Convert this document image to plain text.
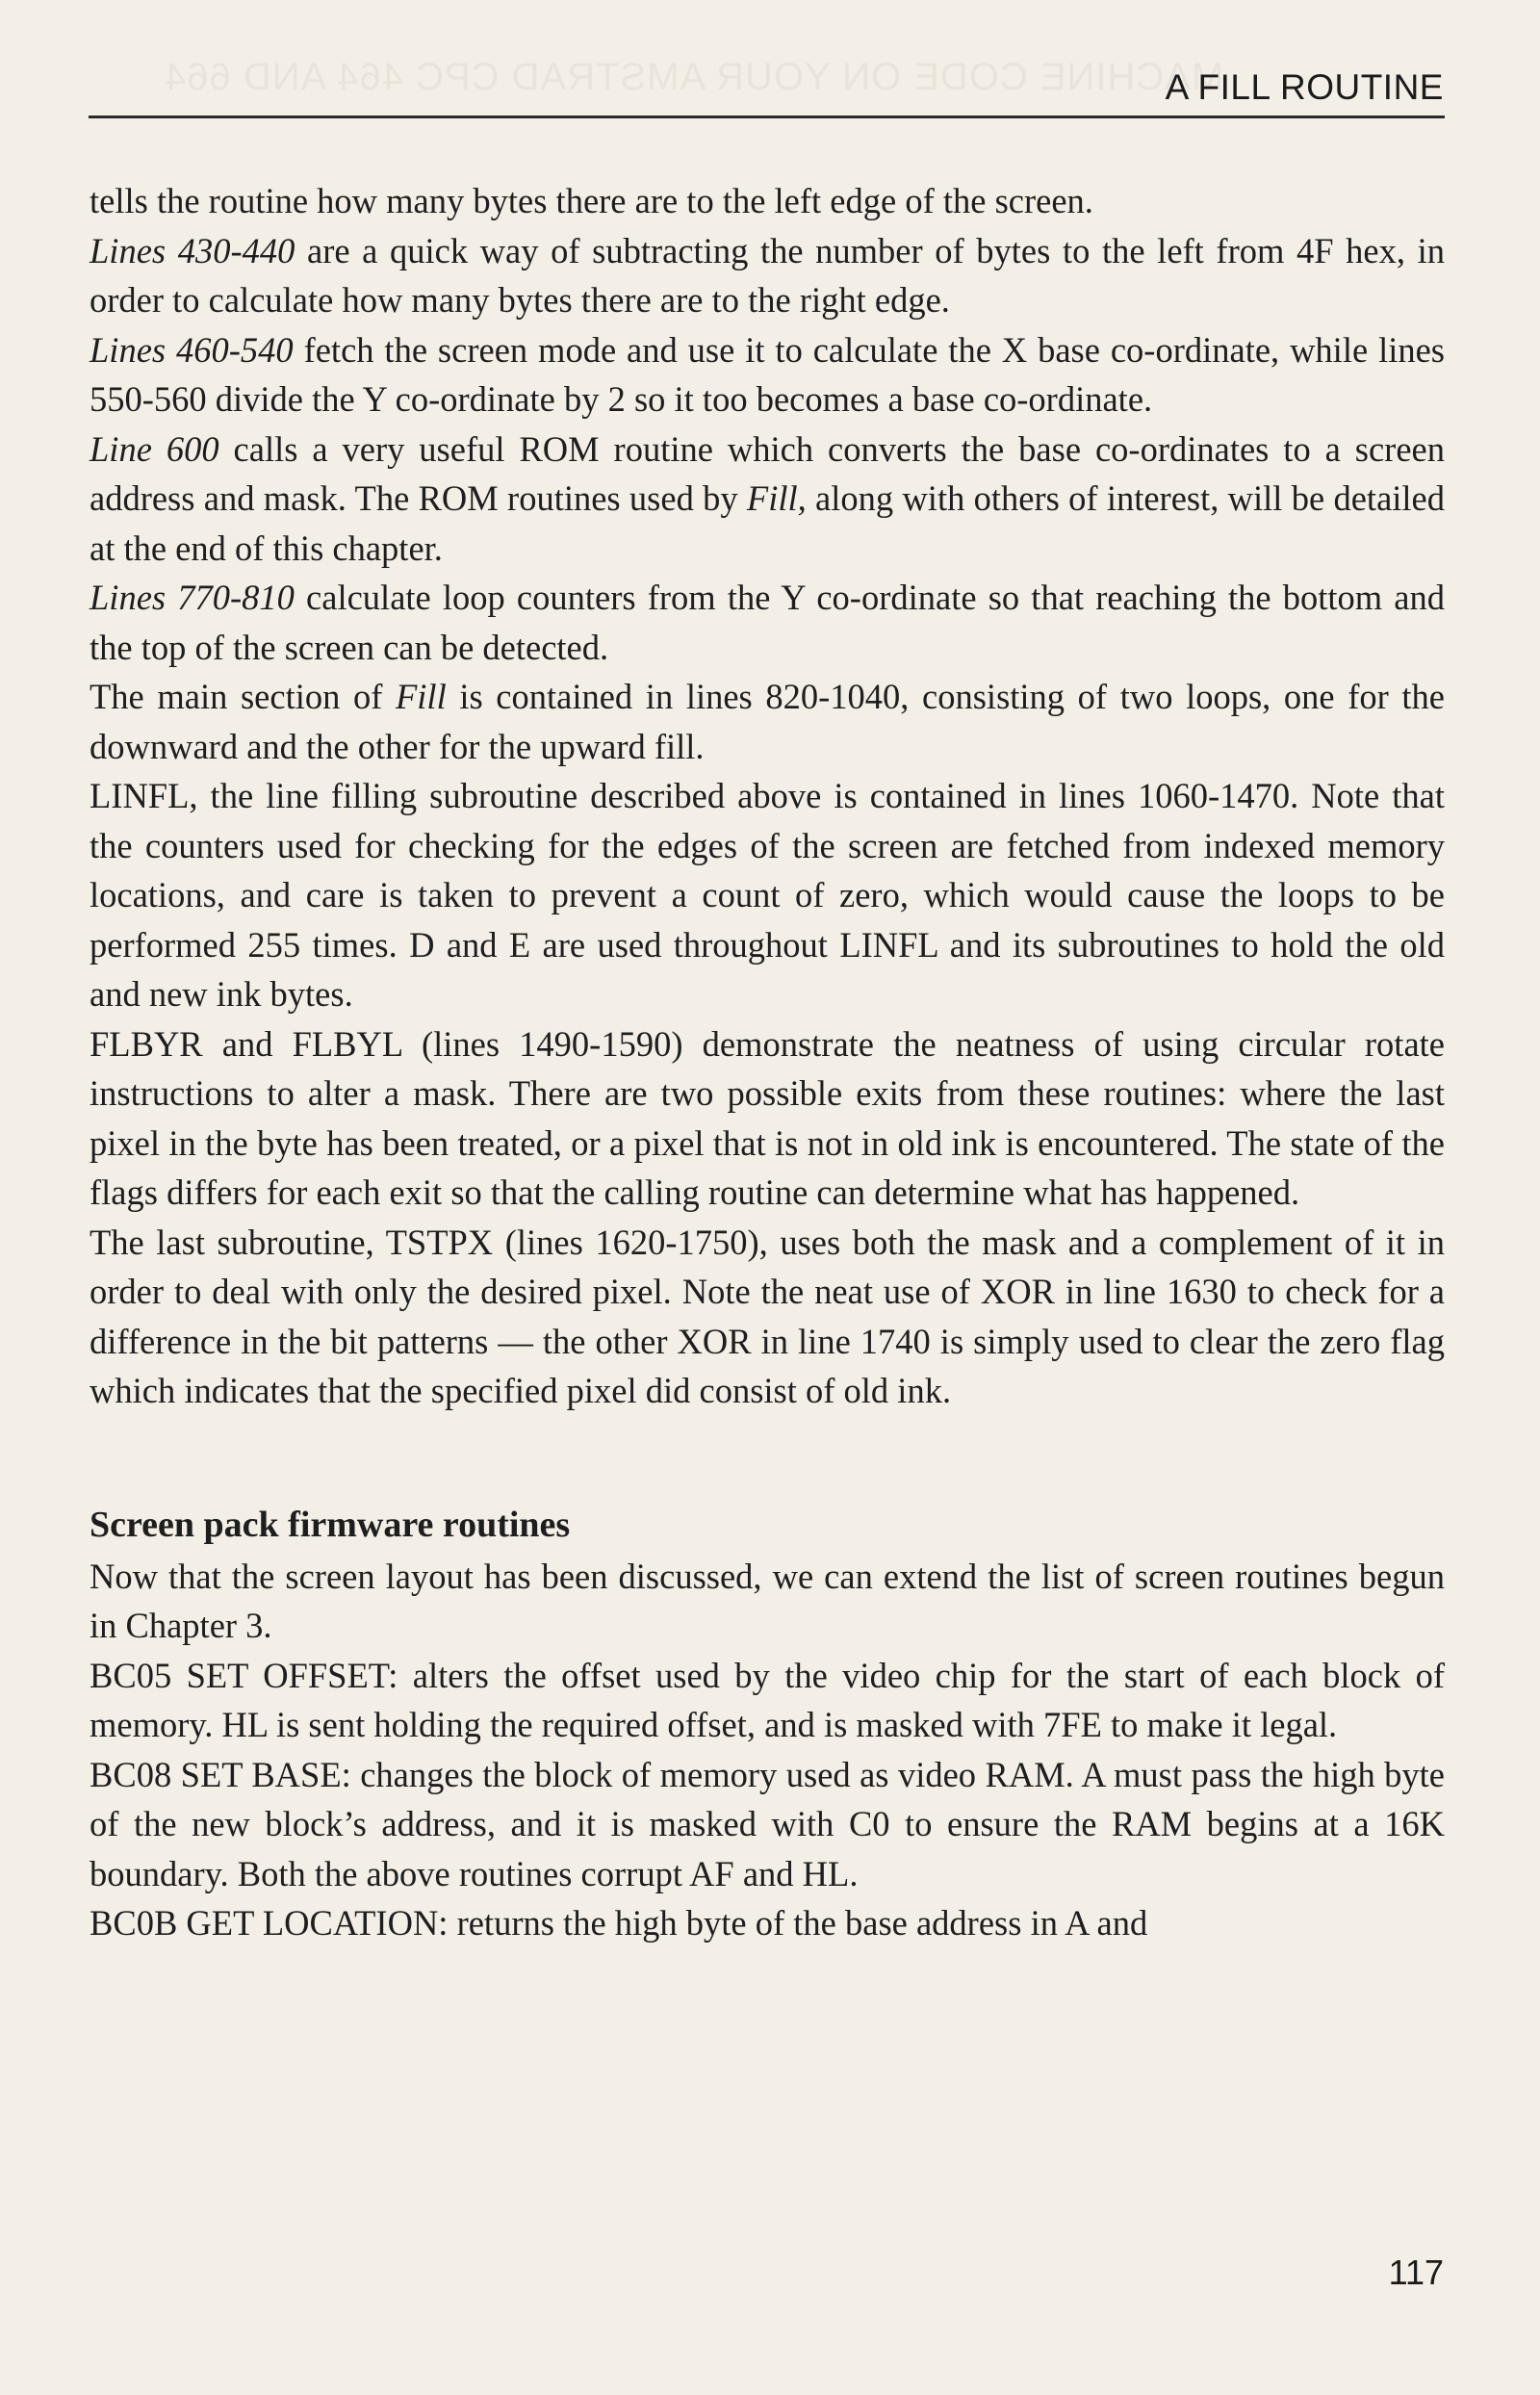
MACHINE CODE ON YOUR AMSTRAD CPC 464 AND 664
A FILL ROUTINE

tells the routine how many bytes there are to the left edge of the screen.

Lines 430-440 are a quick way of subtracting the number of bytes to the left from 4F hex, in order to calculate how many bytes there are to the right edge.

Lines 460-540 fetch the screen mode and use it to calculate the X base co-ordinate, while lines 550-560 divide the Y co-ordinate by 2 so it too becomes a base co-ordinate.

Line 600 calls a very useful ROM routine which converts the base co-ordinates to a screen address and mask. The ROM routines used by Fill, along with others of interest, will be detailed at the end of this chapter.

Lines 770-810 calculate loop counters from the Y co-ordinate so that reaching the bottom and the top of the screen can be detected.

The main section of Fill is contained in lines 820-1040, consisting of two loops, one for the downward and the other for the upward fill.

LINFL, the line filling subroutine described above is contained in lines 1060-1470. Note that the counters used for checking for the edges of the screen are fetched from indexed memory locations, and care is taken to prevent a count of zero, which would cause the loops to be performed 255 times. D and E are used throughout LINFL and its subroutines to hold the old and new ink bytes.

FLBYR and FLBYL (lines 1490-1590) demonstrate the neatness of using circular rotate instructions to alter a mask. There are two possible exits from these routines: where the last pixel in the byte has been treated, or a pixel that is not in old ink is encountered. The state of the flags differs for each exit so that the calling routine can determine what has happened.

The last subroutine, TSTPX (lines 1620-1750), uses both the mask and a complement of it in order to deal with only the desired pixel. Note the neat use of XOR in line 1630 to check for a difference in the bit patterns — the other XOR in line 1740 is simply used to clear the zero flag which indicates that the specified pixel did consist of old ink.

Screen pack firmware routines

Now that the screen layout has been discussed, we can extend the list of screen routines begun in Chapter 3.

BC05 SET OFFSET: alters the offset used by the video chip for the start of each block of memory. HL is sent holding the required offset, and is masked with 7FE to make it legal.

BC08 SET BASE: changes the block of memory used as video RAM. A must pass the high byte of the new block’s address, and it is masked with C0 to ensure the RAM begins at a 16K boundary. Both the above routines corrupt AF and HL.

BC0B GET LOCATION: returns the high byte of the base address in A and

117
